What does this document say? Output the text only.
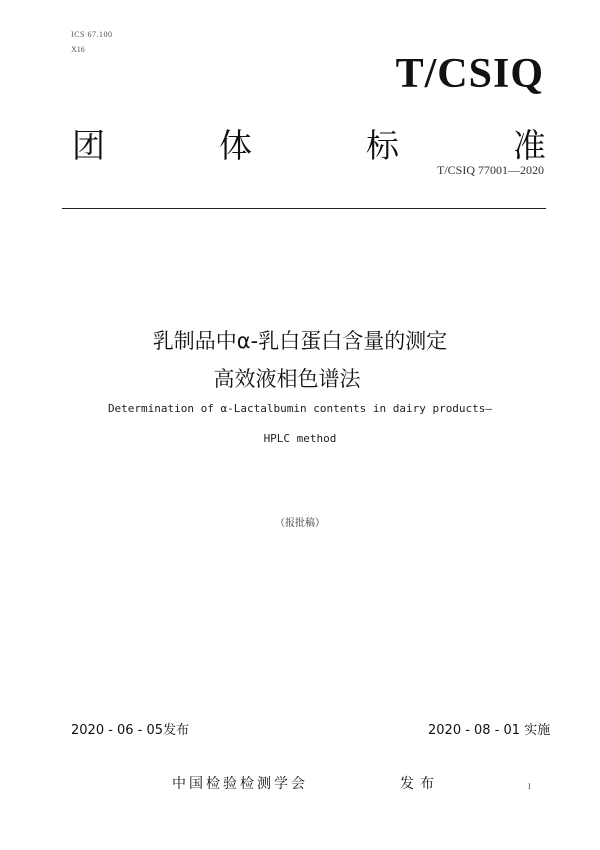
ICS 67.100
X16
T/CSIQ
团	体	标	准
T/CSIQ 77001—2020
乳制品中α-乳白蛋白含量的测定
高效液相色谱法
Determination of α-Lactalbumin contents in dairy products—
HPLC method
（报批稿）
2020 - 06 - 05发布	2020 - 08 - 01 实施
中国检验检测学会	发布	I
